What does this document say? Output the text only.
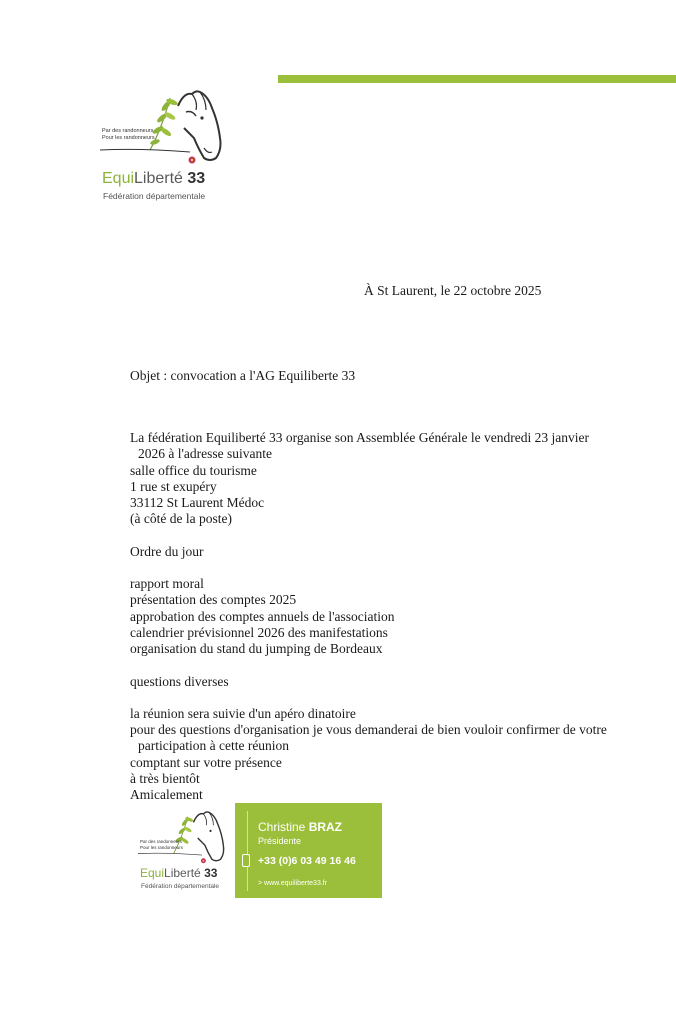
Par des randonneurs
Pour les randonneurs
EquiLiberté 33
Fédération départementale
À St Laurent, le 22 octobre 2025
Objet : convocation a l'AG Equiliberte 33
La fédération Equiliberté 33 organise son Assemblée Générale le vendredi 23 janvier
2026 à l'adresse suivante
salle office du tourisme
1 rue st exupéry
33112 St Laurent Médoc
(à côté de la poste)
Ordre du jour
rapport moral
présentation des comptes 2025
approbation des comptes annuels de l'association
calendrier prévisionnel 2026 des manifestations
organisation du stand du jumping de Bordeaux
questions diverses
la réunion sera suivie d'un apéro dinatoire
pour des questions d'organisation je vous demanderai de bien vouloir confirmer de votre
participation à cette réunion
comptant sur votre présence
à très bientôt
Amicalement
Par des randonneurs
Pour les randonneurs
EquiLiberté 33
Fédération départementale
Christine BRAZ
Présidente
+33 (0)6 03 49 16 46
> www.equiliberte33.fr
